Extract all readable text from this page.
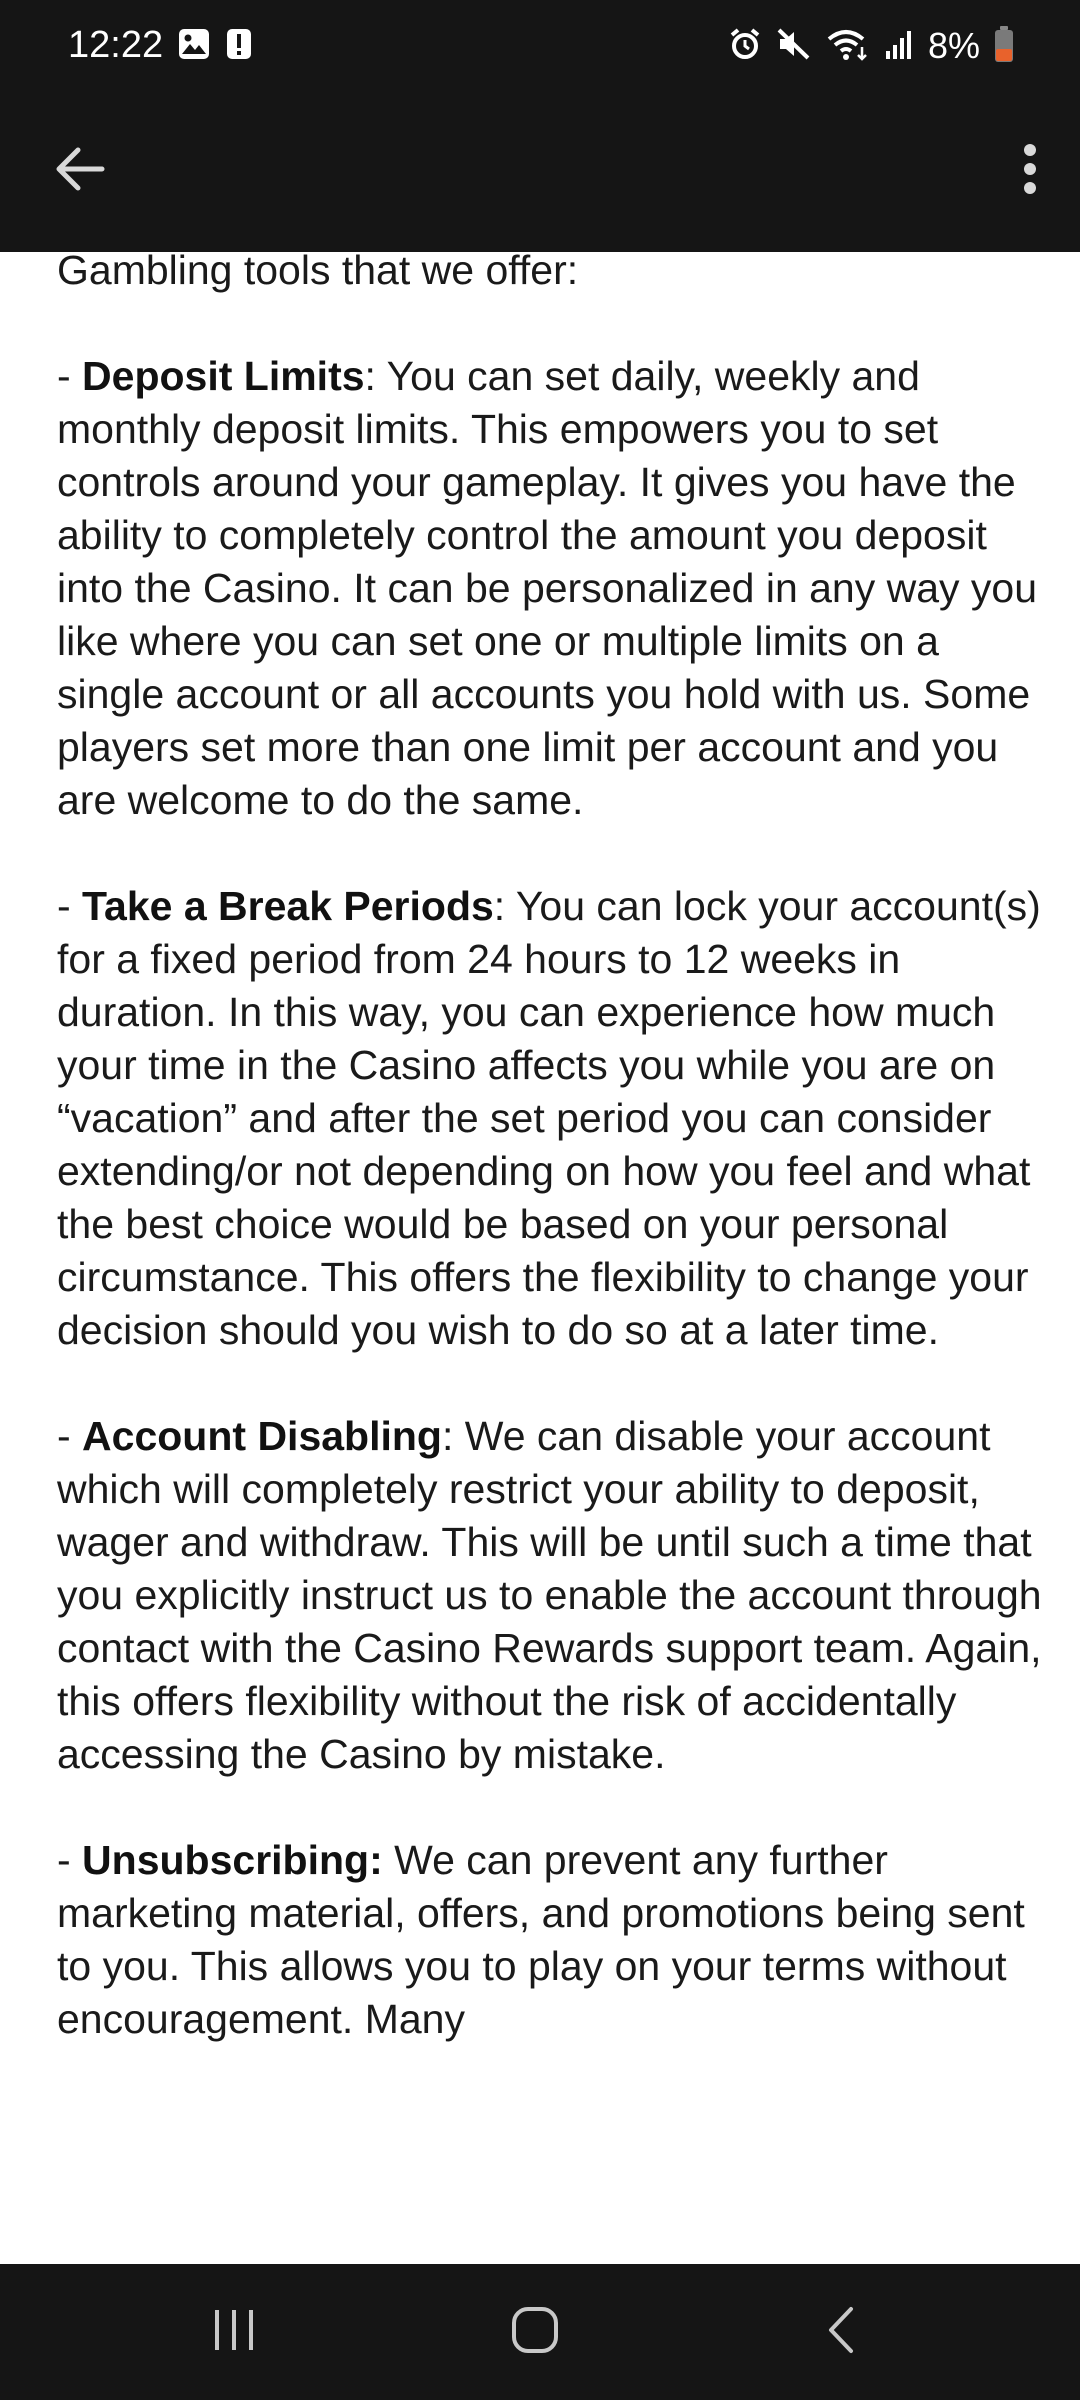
12:22	8%

Gambling tools that we offer:

- Deposit Limits: You can set daily, weekly and monthly deposit limits. This empowers you to set controls around your gameplay. It gives you have the ability to completely control the amount you deposit into the Casino. It can be personalized in any way you like where you can set one or multiple limits on a single account or all accounts you hold with us. Some players set more than one limit per account and you are welcome to do the same.

- Take a Break Periods: You can lock your account(s) for a fixed period from 24 hours to 12 weeks in duration. In this way, you can experience how much your time in the Casino affects you while you are on “vacation” and after the set period you can consider extending/or not depending on how you feel and what the best choice would be based on your personal circumstance. This offers the flexibility to change your decision should you wish to do so at a later time.

- Account Disabling: We can disable your account which will completely restrict your ability to deposit, wager and withdraw. This will be until such a time that you explicitly instruct us to enable the account through contact with the Casino Rewards support team. Again, this offers flexibility without the risk of accidentally accessing the Casino by mistake.

- Unsubscribing: We can prevent any further marketing material, offers, and promotions being sent to you. This allows you to play on your terms without encouragement. Many
